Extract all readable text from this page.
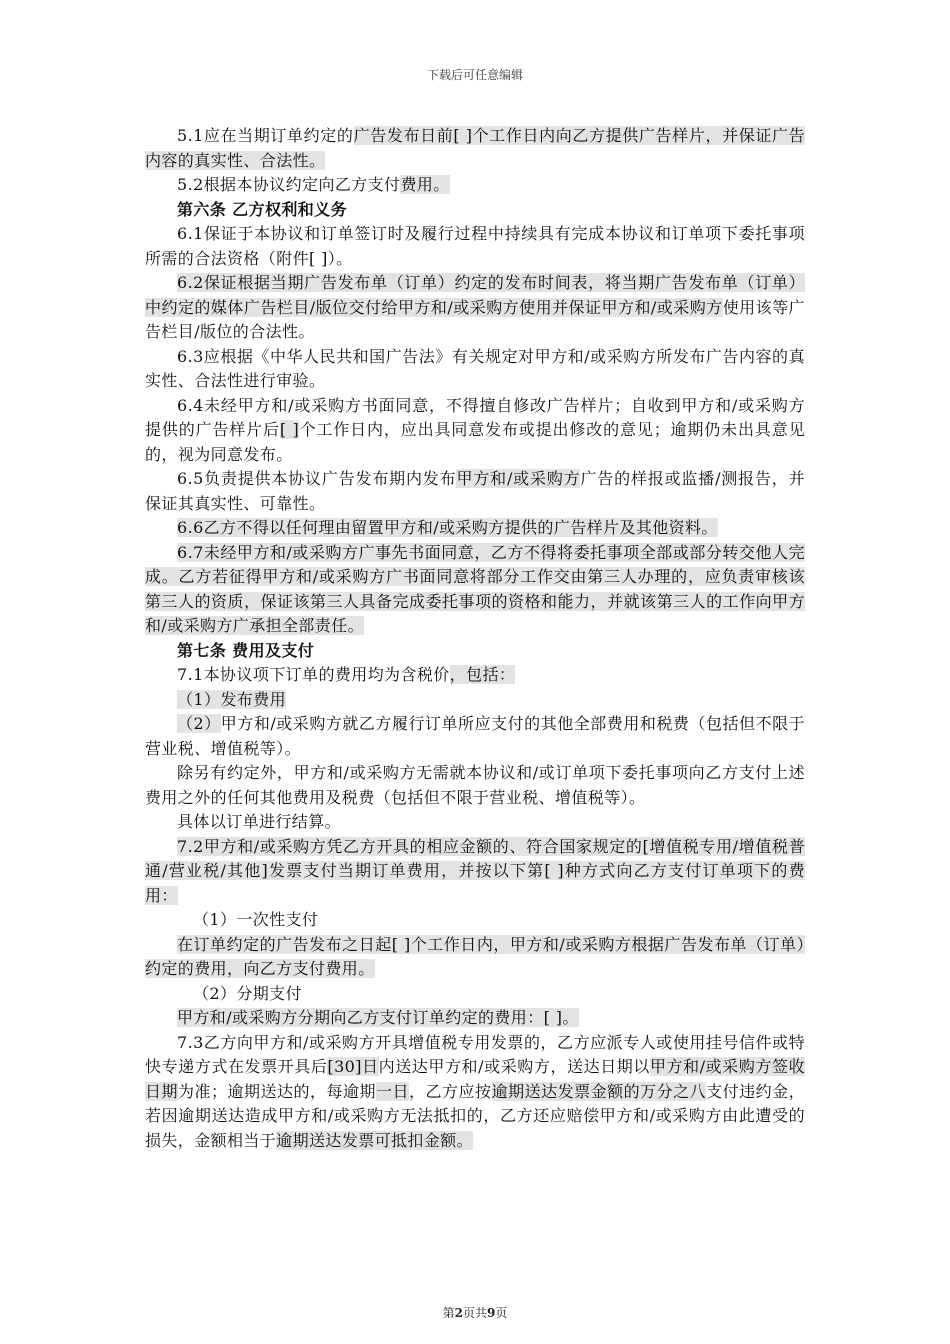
下载后可任意编辑

5.1应在当期订单约定的广告发布日前[ ]个工作日内向乙方提供广告样片，并保证广告内容的真实性、合法性。

5.2根据本协议约定向乙方支付费用。

第六条 乙方权利和义务

6.1保证于本协议和订单签订时及履行过程中持续具有完成本协议和订单项下委托事项所需的合法资格（附件[ ]）。

6.2保证根据当期广告发布单（订单）约定的发布时间表，将当期广告发布单（订单）中约定的媒体广告栏目/版位交付给甲方和/或采购方使用并保证甲方和/或采购方使用该等广告栏目/版位的合法性。

6.3应根据《中华人民共和国广告法》有关规定对甲方和/或采购方所发布广告内容的真实性、合法性进行审验。

6.4未经甲方和/或采购方书面同意，不得擅自修改广告样片；自收到甲方和/或采购方提供的广告样片后[ ]个工作日内，应出具同意发布或提出修改的意见；逾期仍未出具意见的，视为同意发布。

6.5负责提供本协议广告发布期内发布甲方和/或采购方广告的样报或监播/测报告，并保证其真实性、可靠性。

6.6乙方不得以任何理由留置甲方和/或采购方提供的广告样片及其他资料。

6.7未经甲方和/或采购方广事先书面同意，乙方不得将委托事项全部或部分转交他人完成。乙方若征得甲方和/或采购方广书面同意将部分工作交由第三人办理的，应负责审核该第三人的资质，保证该第三人具备完成委托事项的资格和能力，并就该第三人的工作向甲方和/或采购方广承担全部责任。

第七条 费用及支付

7.1本协议项下订单的费用均为含税价，包括：

（1）发布费用

（2）甲方和/或采购方就乙方履行订单所应支付的其他全部费用和税费（包括但不限于营业税、增值税等）。

除另有约定外，甲方和/或采购方无需就本协议和/或订单项下委托事项向乙方支付上述费用之外的任何其他费用及税费（包括但不限于营业税、增值税等）。

具体以订单进行结算。

7.2甲方和/或采购方凭乙方开具的相应金额的、符合国家规定的[增值税专用/增值税普通/营业税/其他]发票支付当期订单费用，并按以下第[ ]种方式向乙方支付订单项下的费用：

（1）一次性支付

在订单约定的广告发布之日起[ ]个工作日内，甲方和/或采购方根据广告发布单（订单）约定的费用，向乙方支付费用。

（2）分期支付

甲方和/或采购方分期向乙方支付订单约定的费用：[ ]。

7.3乙方向甲方和/或采购方开具增值税专用发票的，乙方应派专人或使用挂号信件或特快专递方式在发票开具后[30]日内送达甲方和/或采购方，送达日期以甲方和/或采购方签收日期为准；逾期送达的，每逾期一日，乙方应按逾期送达发票金额的万分之八支付违约金，若因逾期送达造成甲方和/或采购方无法抵扣的，乙方还应赔偿甲方和/或采购方由此遭受的损失，金额相当于逾期送达发票可抵扣金额。

第2页共9页
